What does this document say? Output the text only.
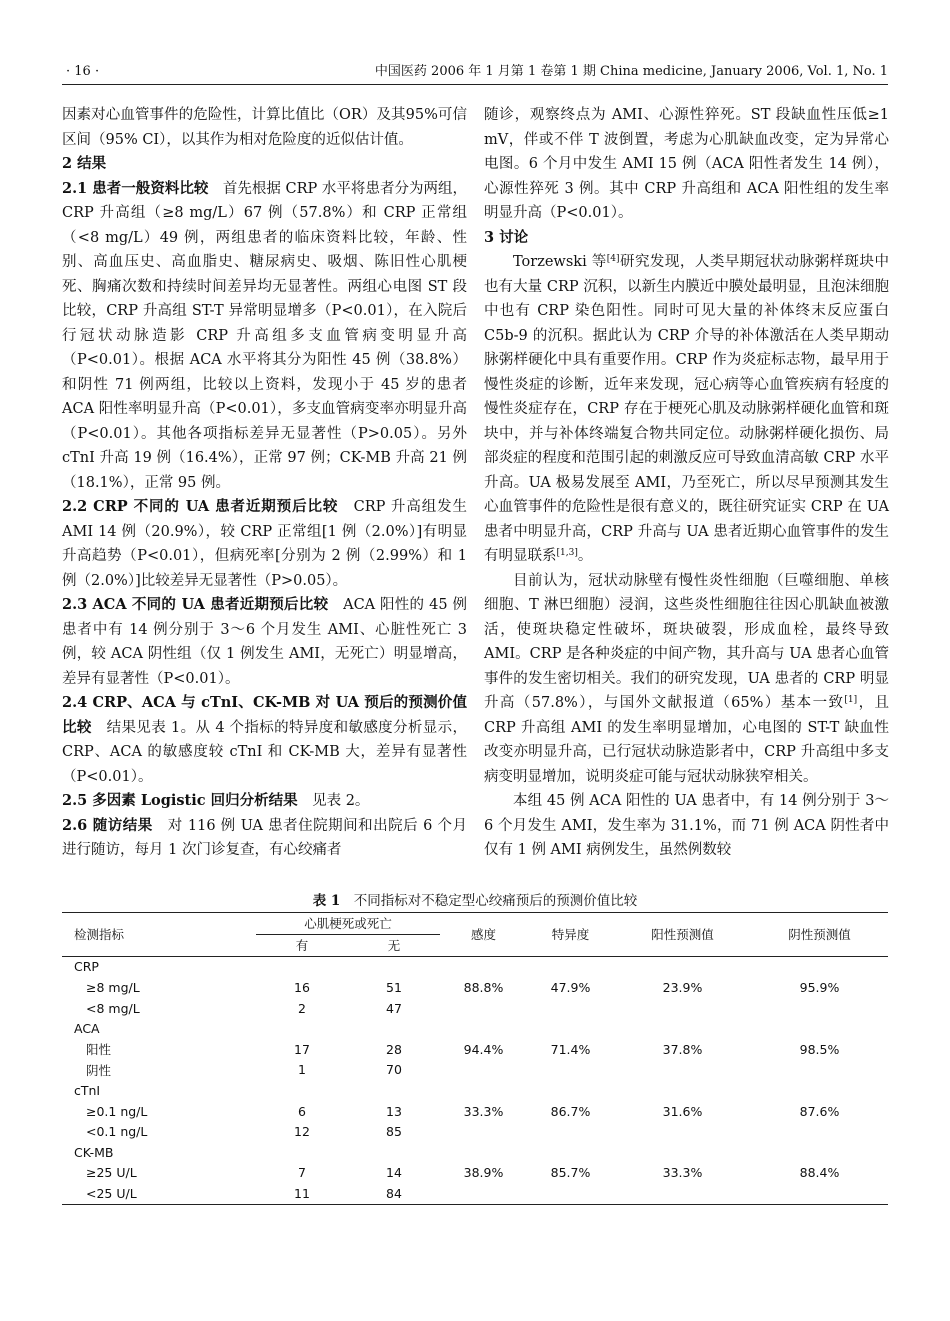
· 16 ·	中国医药 2006 年 1 月第 1 卷第 1 期 China medicine, January 2006, Vol. 1, No. 1

因素对心血管事件的危险性，计算比值比（OR）及其95%可信区间（95% CI），以其作为相对危险度的近似估计值。

2 结果

2.1 患者一般资料比较　 首先根据 CRP 水平将患者分为两组，CRP 升高组（≥8 mg/L）67 例（57.8%）和 CRP 正常组（<8 mg/L）49 例，两组患者的临床资料比较，年龄、性别、高血压史、高血脂史、糖尿病史、吸烟、陈旧性心肌梗死、胸痛次数和持续时间差异均无显著性。两组心电图 ST 段比较，CRP 升高组 ST-T 异常明显增多（P<0.01），在入院后行冠状动脉造影 CRP 升高组多支血管病变明显升高（P<0.01）。根据 ACA 水平将其分为阳性 45 例（38.8%）和阴性 71 例两组，比较以上资料，发现小于 45 岁的患者 ACA 阳性率明显升高（P<0.01），多支血管病变率亦明显升高（P<0.01）。其他各项指标差异无显著性（P>0.05）。另外 cTnI 升高 19 例（16.4%），正常 97 例；CK-MB 升高 21 例（18.1%），正常 95 例。

2.2 CRP 不同的 UA 患者近期预后比较　 CRP 升高组发生 AMI 14 例（20.9%），较 CRP 正常组[1 例（2.0%）]有明显升高趋势（P<0.01），但病死率[分别为 2 例（2.99%）和 1 例（2.0%）]比较差异无显著性（P>0.05）。

2.3 ACA 不同的 UA 患者近期预后比较　 ACA 阳性的 45 例患者中有 14 例分别于 3～6 个月发生 AMI、心脏性死亡 3 例，较 ACA 阴性组（仅 1 例发生 AMI，无死亡）明显增高，差异有显著性（P<0.01）。

2.4 CRP、ACA 与 cTnI、CK-MB 对 UA 预后的预测价值比较　 结果见表 1。从 4 个指标的特异度和敏感度分析显示，CRP、ACA 的敏感度较 cTnI 和 CK-MB 大，差异有显著性（P<0.01）。

2.5 多因素 Logistic 回归分析结果　 见表 2。

2.6 随访结果　 对 116 例 UA 患者住院期间和出院后 6 个月进行随访，每月 1 次门诊复查，有心绞痛者

随诊，观察终点为 AMI、心源性猝死。ST 段缺血性压低≥1 mV，伴或不伴 T 波倒置，考虑为心肌缺血改变，定为异常心电图。6 个月中发生 AMI 15 例（ACA 阳性者发生 14 例），心源性猝死 3 例。其中 CRP 升高组和 ACA 阳性组的发生率明显升高（P<0.01）。

3 讨论

Torzewski 等[4]研究发现，人类早期冠状动脉粥样斑块中也有大量 CRP 沉积，以新生内膜近中膜处最明显，且泡沫细胞中也有 CRP 染色阳性。同时可见大量的补体终末反应蛋白 C5b-9 的沉积。据此认为 CRP 介导的补体激活在人类早期动脉粥样硬化中具有重要作用。CRP 作为炎症标志物，最早用于慢性炎症的诊断，近年来发现，冠心病等心血管疾病有轻度的慢性炎症存在，CRP 存在于梗死心肌及动脉粥样硬化血管和斑块中，并与补体终端复合物共同定位。动脉粥样硬化损伤、局部炎症的程度和范围引起的刺激反应可导致血清高敏 CRP 水平升高。UA 极易发展至 AMI，乃至死亡，所以尽早预测其发生心血管事件的危险性是很有意义的，既往研究证实 CRP 在 UA 患者中明显升高，CRP 升高与 UA 患者近期心血管事件的发生有明显联系[1,3]。

目前认为，冠状动脉壁有慢性炎性细胞（巨噬细胞、单核细胞、T 淋巴细胞）浸润，这些炎性细胞往往因心肌缺血被激活，使斑块稳定性破坏，斑块破裂，形成血栓，最终导致 AMI。CRP 是各种炎症的中间产物，其升高与 UA 患者心血管事件的发生密切相关。我们的研究发现，UA 患者的 CRP 明显升高（57.8%），与国外文献报道（65%）基本一致[1]，且 CRP 升高组 AMI 的发生率明显增加，心电图的 ST-T 缺血性改变亦明显升高，已行冠状动脉造影者中，CRP 升高组中多支病变明显增加，说明炎症可能与冠状动脉狭窄相关。

本组 45 例 ACA 阳性的 UA 患者中，有 14 例分别于 3～6 个月发生 AMI，发生率为 31.1%，而 71 例 ACA 阴性者中仅有 1 例 AMI 病例发生，虽然例数较

表 1　 不同指标对不稳定型心绞痛预后的预测价值比较
检测指标	心肌梗死或死亡		感度	特异度	阳性预测值	阴性预测值
	有	无				
CRP						
≥8 mg/L	16	51	88.8%	47.9%	23.9%	95.9%
<8 mg/L	2	47				
ACA						
阳性	17	28	94.4%	71.4%	37.8%	98.5%
阴性	1	70				
cTnI						
≥0.1 ng/L	6	13	33.3%	86.7%	31.6%	87.6%
<0.1 ng/L	12	85				
CK-MB						
≥25 U/L	7	14	38.9%	85.7%	33.3%	88.4%
<25 U/L	11	84				
